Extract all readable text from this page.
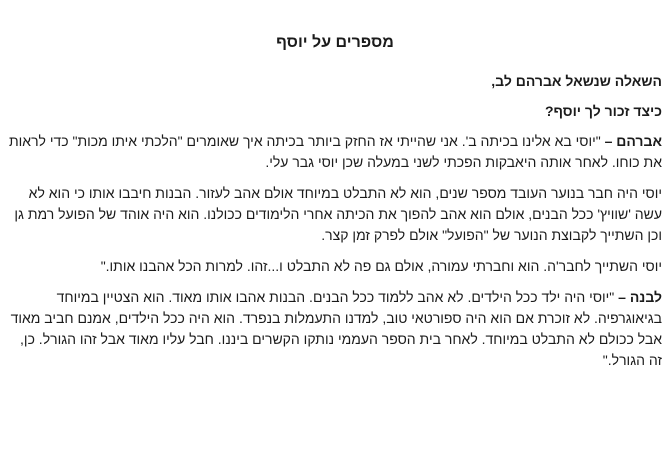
מספרים על יוסף

השאלה שנשאל אברהם לב,

כיצד זכור לך יוסף?

אברהם – "יוסי בא אלינו בכיתה ב'. אני שהייתי אז החזק ביותר בכיתה איך שאומרים "הלכתי איתו מכות" כדי לראות את כוחו. לאחר אותה היאבקות הפכתי לשני במעלה שכן יוסי גבר עלי.

יוסי היה חבר בנוער העובד מספר שנים, הוא לא התבלט במיוחד אולם אהב לעזור. הבנות חיבבו אותו כי הוא לא עשה 'שוויץ' ככל הבנים, אולם הוא אהב להפוך את הכיתה אחרי הלימודים ככולנו. הוא היה אוהד של הפועל רמת גן וכן השתייך לקבוצת הנוער של "הפועל" אולם לפרק זמן קצר.

יוסי השתייך לחבר'ה. הוא וחברתי עמורה, אולם גם פה לא התבלט ו...זהו. למרות הכל אהבנו אותו."

לבנה – "יוסי היה ילד ככל הילדים. לא אהב ללמוד ככל הבנים. הבנות אהבו אותו מאוד. הוא הצטיין במיוחד בגיאוגרפיה. לא זוכרת אם הוא היה ספורטאי טוב, למדנו התעמלות בנפרד. הוא היה ככל הילדים, אמנם חביב מאוד אבל ככולם לא התבלט במיוחד. לאחר בית הספר העממי נותקו הקשרים ביננו. חבל עליו מאוד אבל זהו הגורל. כן, זה הגורל."
